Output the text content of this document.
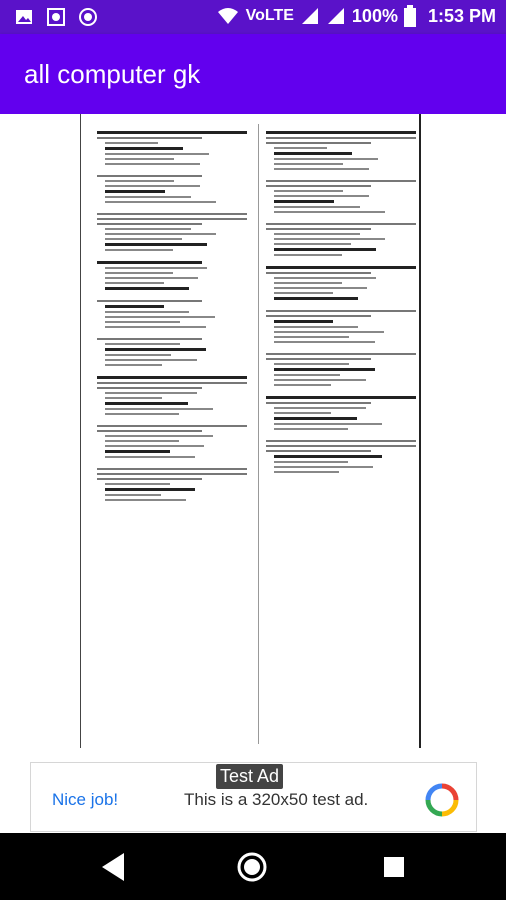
VoLTE	100% 1:53 PM
all computer gk
Test Ad
Nice job!	This is a 320x50 test ad.
